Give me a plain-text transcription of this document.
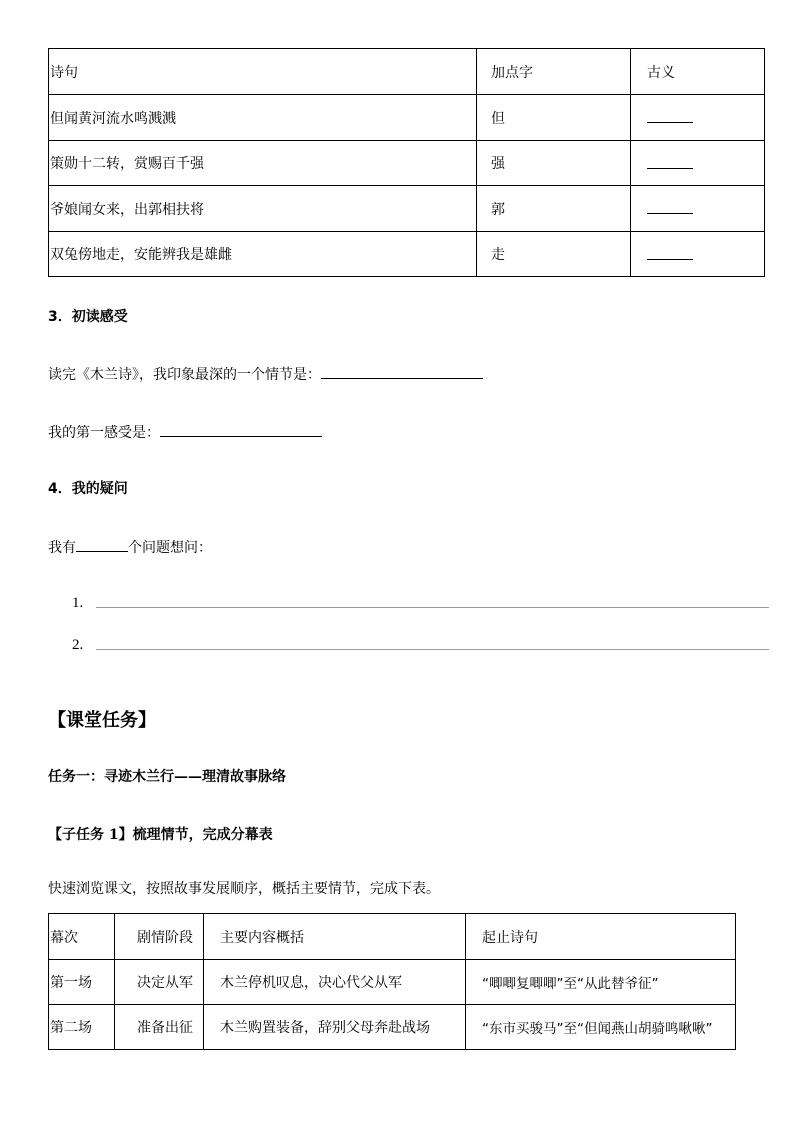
诗句	加点字	古义
但闻黄河流水鸣溅溅	但	
策勋十二转，赏赐百千强	强	
爷娘闻女来，出郭相扶将	郭	
双兔傍地走，安能辨我是雄雌	走	
3．初读感受
读完《木兰诗》，我印象最深的一个情节是：
我的第一感受是：
4．我的疑问
我有	个问题想问：
1.
2.
【课堂任务】
任务一：寻迹木兰行——理清故事脉络
【子任务 1】梳理情节，完成分幕表
快速浏览课文，按照故事发展顺序，概括主要情节，完成下表。
幕次	剧情阶段	主要内容概括	起止诗句
第一场	决定从军	木兰停机叹息，决心代父从军	“唧唧复唧唧”至“从此替爷征”
第二场	准备出征	木兰购置装备，辞别父母奔赴战场	“东市买骏马”至“但闻燕山胡骑鸣啾啾”
